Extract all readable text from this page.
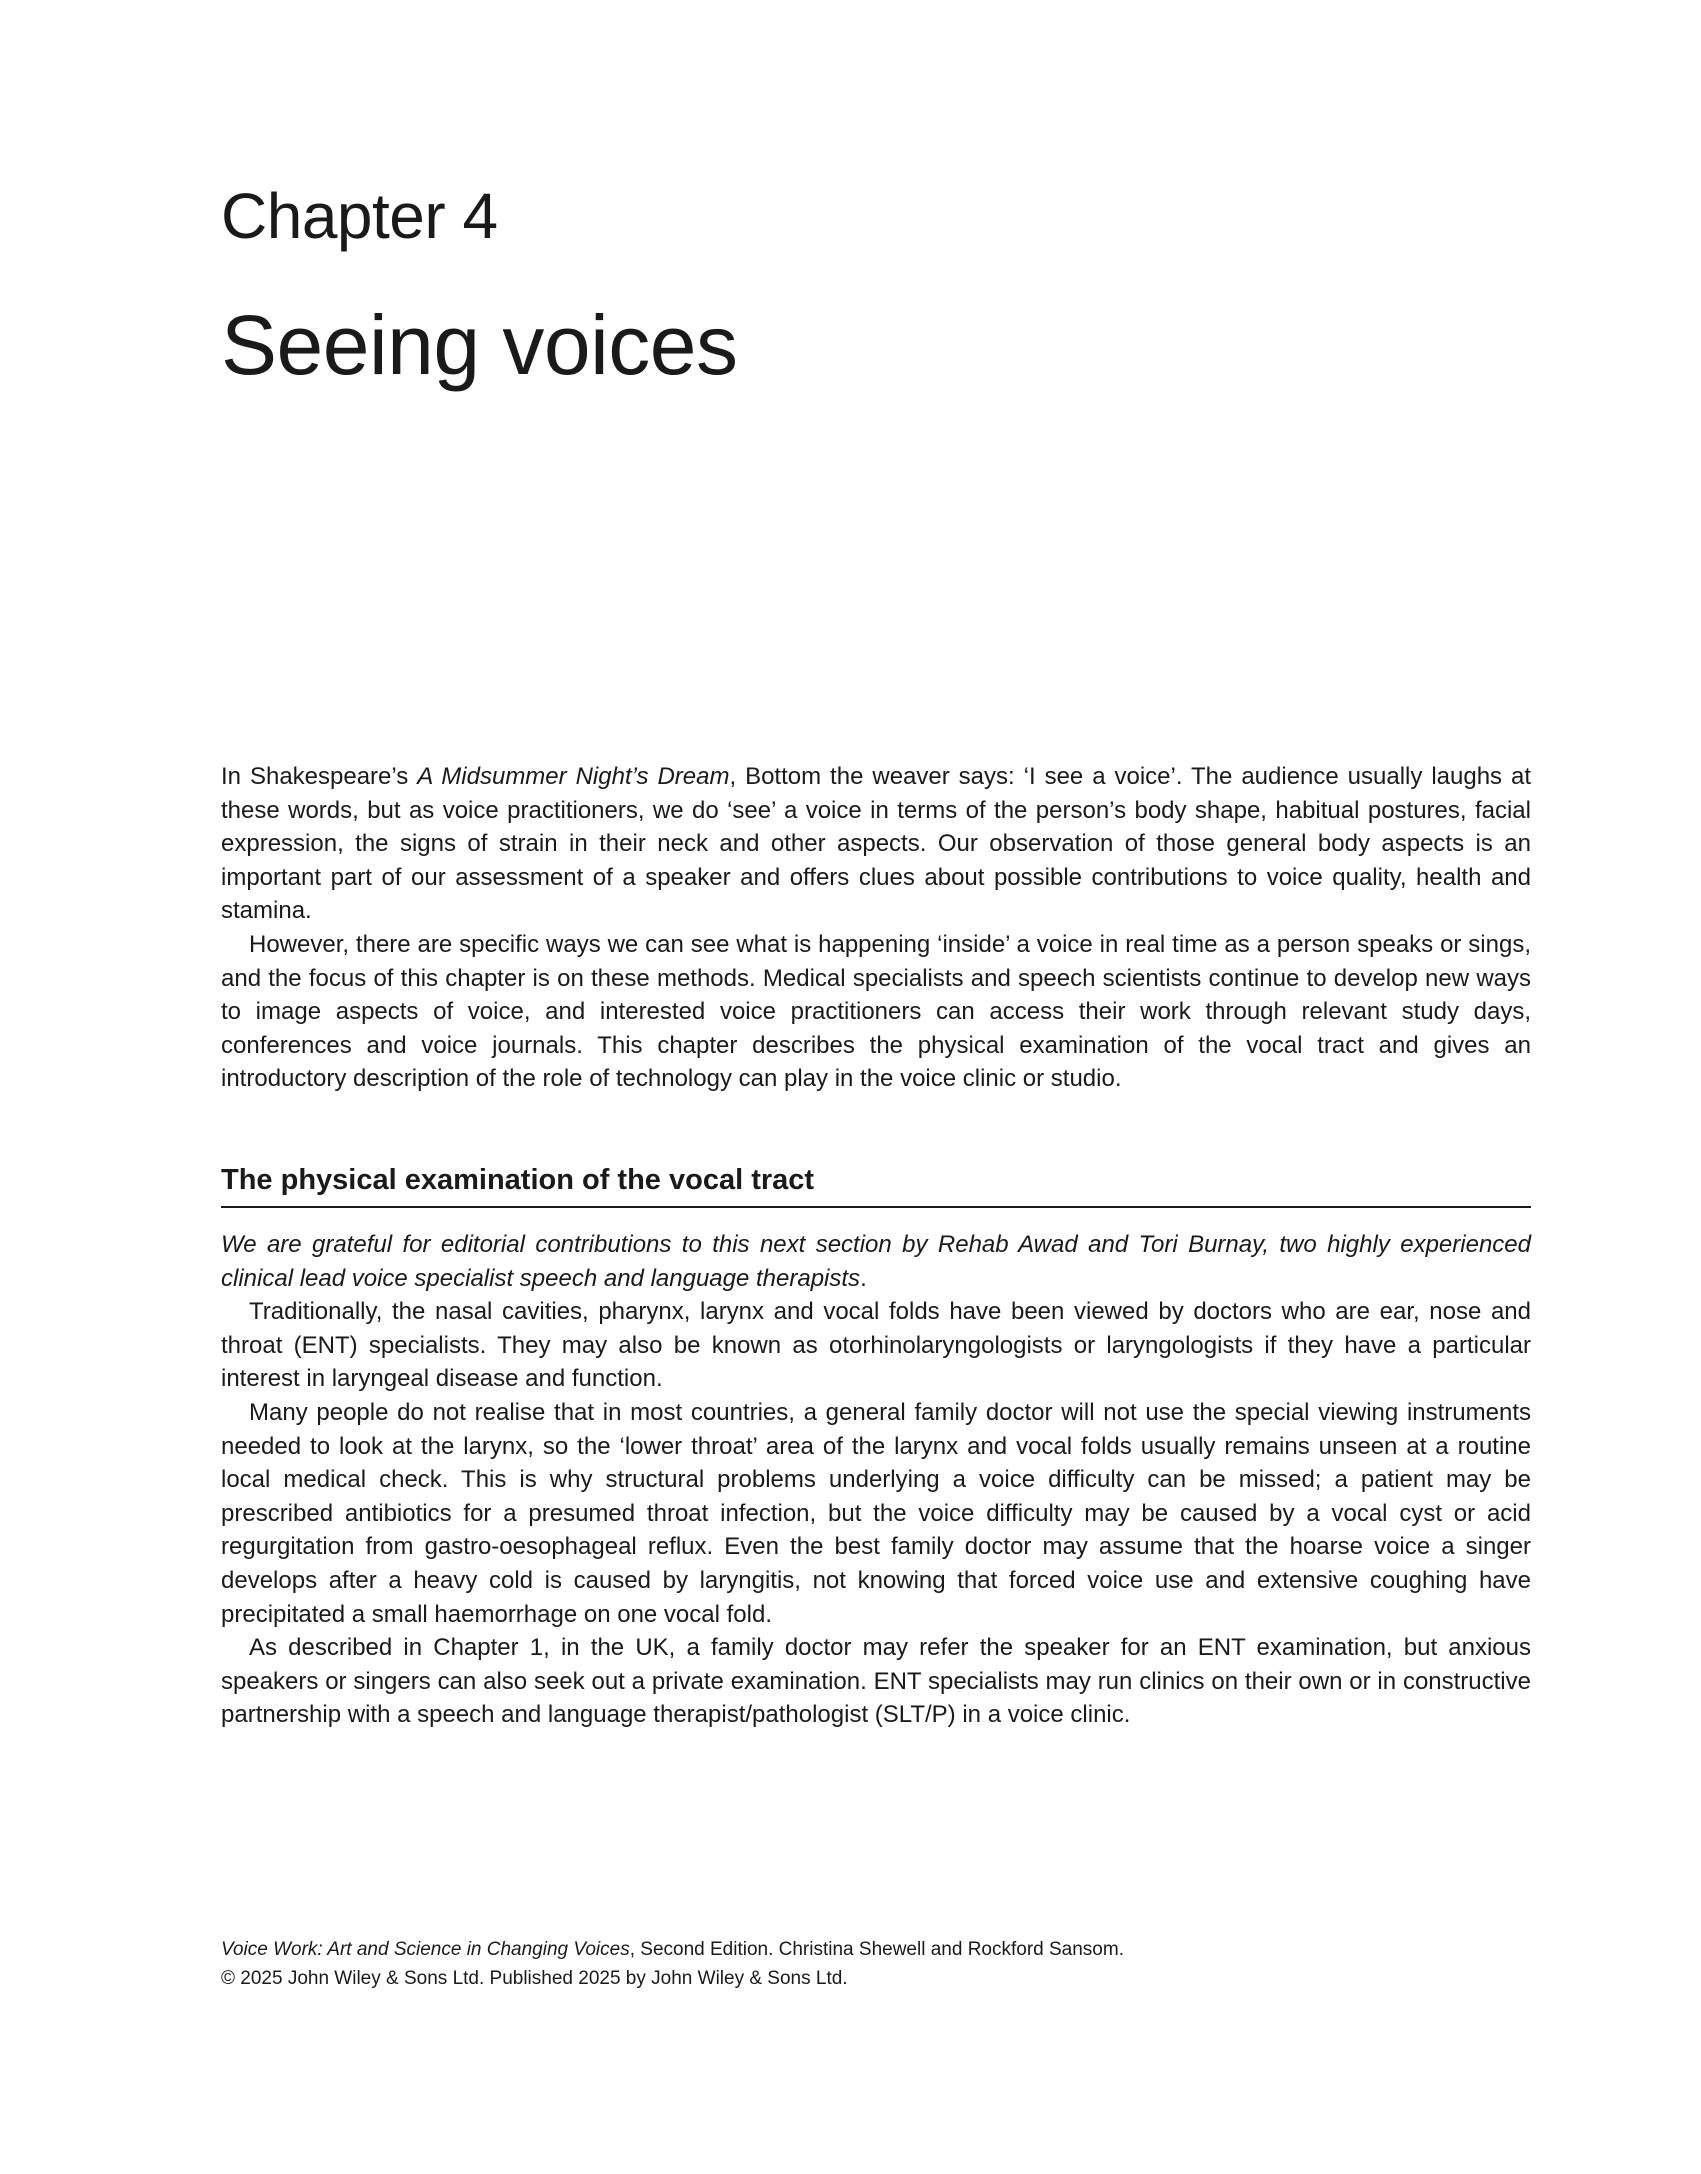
Chapter 4
Seeing voices

In Shakespeare’s A Midsummer Night’s Dream, Bottom the weaver says: ‘I see a voice’. The audience usually laughs at these words, but as voice practitioners, we do ‘see’ a voice in terms of the person’s body shape, habitual postures, facial expression, the signs of strain in their neck and other aspects. Our observation of those general body aspects is an important part of our assessment of a speaker and offers clues about possible contributions to voice quality, health and stamina.

However, there are specific ways we can see what is happening ‘inside’ a voice in real time as a person speaks or sings, and the focus of this chapter is on these methods. Medical specialists and speech scientists continue to develop new ways to image aspects of voice, and interested voice practitioners can access their work through relevant study days, conferences and voice journals. This chapter describes the physical examination of the vocal tract and gives an introductory description of the role of technology can play in the voice clinic or studio.

The physical examination of the vocal tract

We are grateful for editorial contributions to this next section by Rehab Awad and Tori Burnay, two highly experienced clinical lead voice specialist speech and language therapists.

Traditionally, the nasal cavities, pharynx, larynx and vocal folds have been viewed by doctors who are ear, nose and throat (ENT) specialists. They may also be known as otorhinolaryngologists or laryngologists if they have a particular interest in laryngeal disease and function.

Many people do not realise that in most countries, a general family doctor will not use the special viewing instruments needed to look at the larynx, so the ‘lower throat’ area of the larynx and vocal folds usually remains unseen at a routine local medical check. This is why structural problems underlying a voice difficulty can be missed; a patient may be prescribed antibiotics for a presumed throat infection, but the voice difficulty may be caused by a vocal cyst or acid regurgitation from gastro-oesophageal reflux. Even the best family doctor may assume that the hoarse voice a singer develops after a heavy cold is caused by laryngitis, not knowing that forced voice use and extensive coughing have precipitated a small haemorrhage on one vocal fold.

As described in Chapter 1, in the UK, a family doctor may refer the speaker for an ENT examination, but anxious speakers or singers can also seek out a private examination. ENT specialists may run clinics on their own or in constructive partnership with a speech and language therapist/pathologist (SLT/P) in a voice clinic.

Voice Work: Art and Science in Changing Voices, Second Edition. Christina Shewell and Rockford Sansom.
© 2025 John Wiley & Sons Ltd. Published 2025 by John Wiley & Sons Ltd.
